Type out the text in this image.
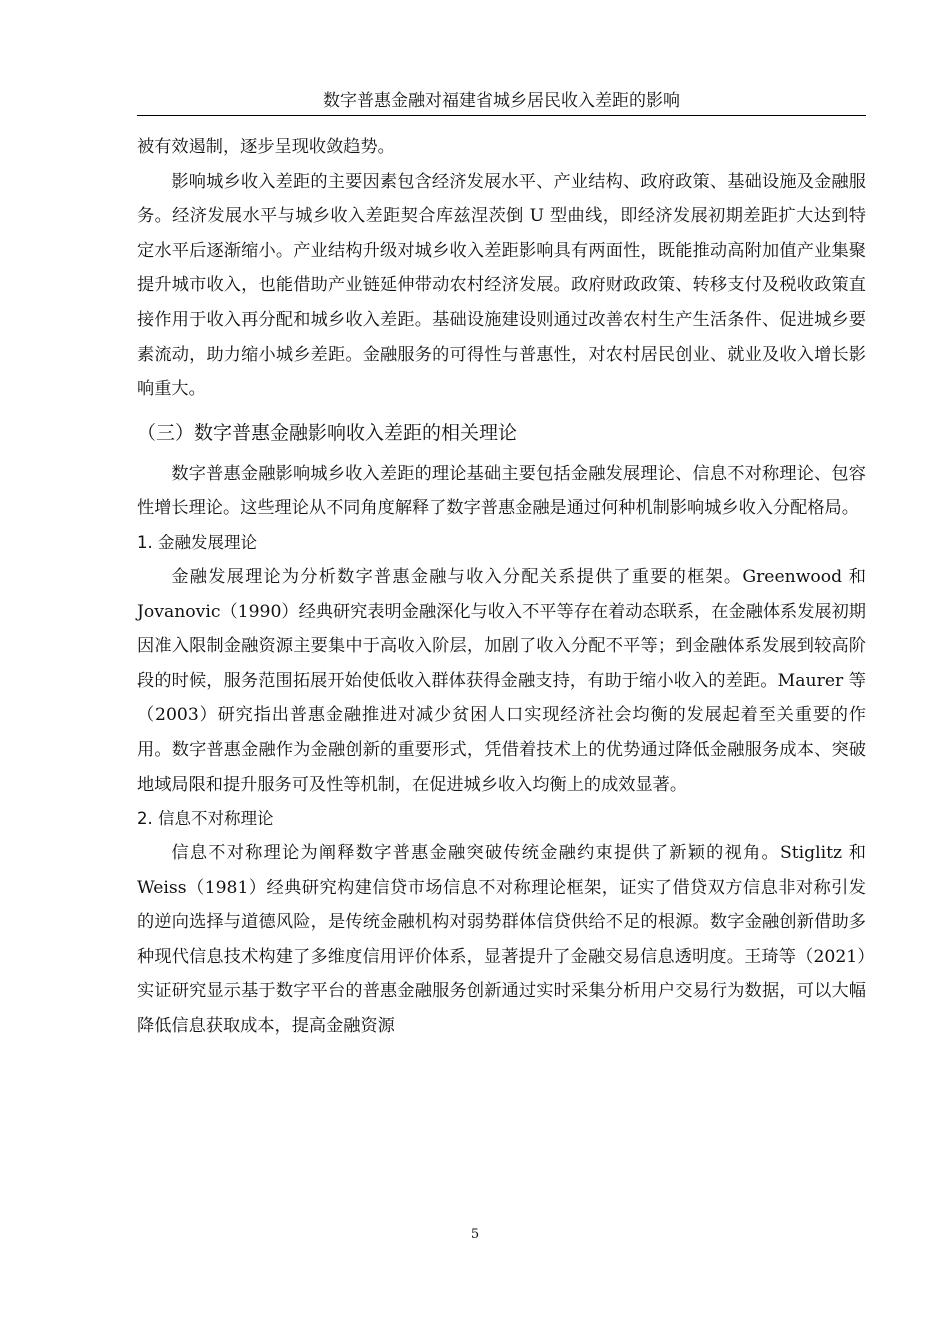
数字普惠金融对福建省城乡居民收入差距的影响

被有效遏制，逐步呈现收敛趋势。

影响城乡收入差距的主要因素包含经济发展水平、产业结构、政府政策、基础设施及金融服务。经济发展水平与城乡收入差距契合库兹涅茨倒 U 型曲线，即经济发展初期差距扩大达到特定水平后逐渐缩小。产业结构升级对城乡收入差距影响具有两面性，既能推动高附加值产业集聚提升城市收入，也能借助产业链延伸带动农村经济发展。政府财政政策、转移支付及税收政策直接作用于收入再分配和城乡收入差距。基础设施建设则通过改善农村生产生活条件、促进城乡要素流动，助力缩小城乡差距。金融服务的可得性与普惠性，对农村居民创业、就业及收入增长影响重大。

（三）数字普惠金融影响收入差距的相关理论

数字普惠金融影响城乡收入差距的理论基础主要包括金融发展理论、信息不对称理论、包容性增长理论。这些理论从不同角度解释了数字普惠金融是通过何种机制影响城乡收入分配格局。

1. 金融发展理论

金融发展理论为分析数字普惠金融与收入分配关系提供了重要的框架。Greenwood 和 Jovanovic（1990）经典研究表明金融深化与收入不平等存在着动态联系，在金融体系发展初期因准入限制金融资源主要集中于高收入阶层，加剧了收入分配不平等；到金融体系发展到较高阶段的时候，服务范围拓展开始使低收入群体获得金融支持，有助于缩小收入的差距。Maurer 等（2003）研究指出普惠金融推进对减少贫困人口实现经济社会均衡的发展起着至关重要的作用。数字普惠金融作为金融创新的重要形式，凭借着技术上的优势通过降低金融服务成本、突破地域局限和提升服务可及性等机制，在促进城乡收入均衡上的成效显著。

2. 信息不对称理论

信息不对称理论为阐释数字普惠金融突破传统金融约束提供了新颖的视角。Stiglitz 和 Weiss（1981）经典研究构建信贷市场信息不对称理论框架，证实了借贷双方信息非对称引发的逆向选择与道德风险，是传统金融机构对弱势群体信贷供给不足的根源。数字金融创新借助多种现代信息技术构建了多维度信用评价体系，显著提升了金融交易信息透明度。王琦等（2021）实证研究显示基于数字平台的普惠金融服务创新通过实时采集分析用户交易行为数据，可以大幅降低信息获取成本，提高金融资源

5
